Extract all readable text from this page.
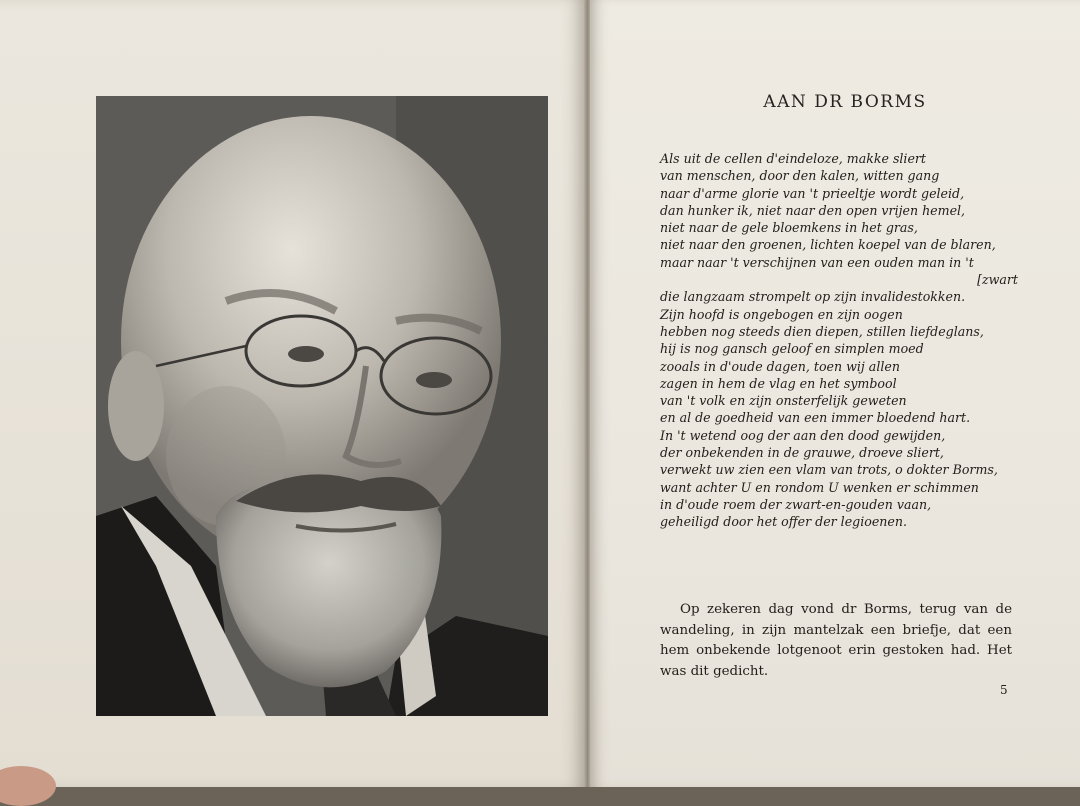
AAN DR BORMS
Als uit de cellen d'eindeloze, makke sliert
van menschen, door den kalen, witten gang
naar d'arme glorie van 't prieeltje wordt geleid,
dan hunker ik, niet naar den open vrijen hemel,
niet naar de gele bloemkens in het gras,
niet naar den groenen, lichten koepel van de blaren,
maar naar 't verschijnen van een ouden man in 't
[zwart
die langzaam strompelt op zijn invalidestokken.
Zijn hoofd is ongebogen en zijn oogen
hebben nog steeds dien diepen, stillen liefdeglans,
hij is nog gansch geloof en simplen moed
zooals in d'oude dagen, toen wij allen
zagen in hem de vlag en het symbool
van 't volk en zijn onsterfelijk geweten
en al de goedheid van een immer bloedend hart.
In 't wetend oog der aan den dood gewijden,
der onbekenden in de grauwe, droeve sliert,
verwekt uw zien een vlam van trots, o dokter Borms,
want achter U en rondom U wenken er schimmen
in d'oude roem der zwart-en-gouden vaan,
geheiligd door het offer der legioenen.

Op zekeren dag vond dr Borms, terug van de wandeling, in zijn mantelzak een briefje, dat een hem onbekende lotgenoot erin gestoken had. Het was dit gedicht.

5
